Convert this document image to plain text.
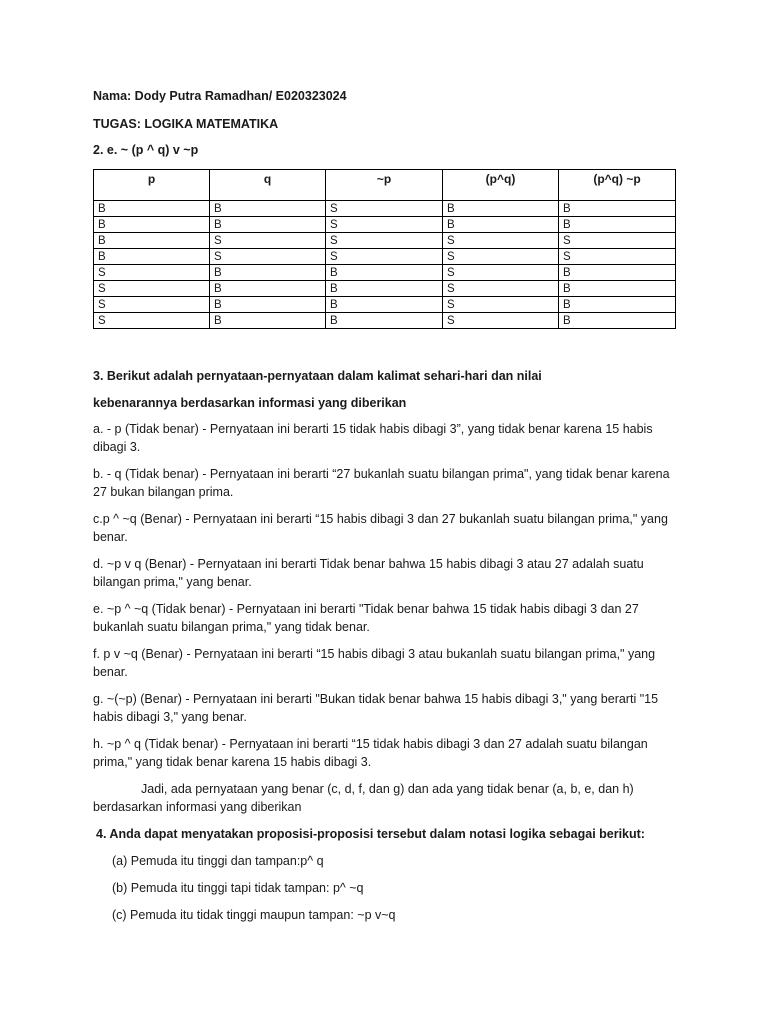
Nama: Dody Putra Ramadhan/ E020323024
TUGAS: LOGIKA MATEMATIKA
2. e. ~ (p ^ q) v ~p
p	q	~p	(p^q)	(p^q) ~p
B	B	S	B	B
B	B	S	B	B
B	S	S	S	S
B	S	S	S	S
S	B	B	S	B
S	B	B	S	B
S	B	B	S	B
S	B	B	S	B
3. Berikut adalah pernyataan-pernyataan dalam kalimat sehari-hari dan nilai
kebenarannya berdasarkan informasi yang diberikan
a. - p (Tidak benar) - Pernyataan ini berarti 15 tidak habis dibagi 3”, yang tidak benar karena 15 habis dibagi 3.
b. - q (Tidak benar) - Pernyataan ini berarti “27 bukanlah suatu bilangan prima", yang tidak benar karena 27 bukan bilangan prima.
c.p ^ ~q (Benar) - Pernyataan ini berarti “15 habis dibagi 3 dan 27 bukanlah suatu bilangan prima," yang benar.
d. ~p v q (Benar) - Pernyataan ini berarti Tidak benar bahwa 15 habis dibagi 3 atau 27 adalah suatu bilangan prima," yang benar.
e. ~p ^ ~q (Tidak benar) - Pernyataan ini berarti "Tidak benar bahwa 15 tidak habis dibagi 3 dan 27 bukanlah suatu bilangan prima," yang tidak benar.
f. p v ~q (Benar) - Pernyataan ini berarti “15 habis dibagi 3 atau bukanlah suatu bilangan prima," yang benar.
g. ~(~p) (Benar) - Pernyataan ini berarti "Bukan tidak benar bahwa 15 habis dibagi 3," yang berarti "15 habis dibagi 3," yang benar.
h. ~p ^ q (Tidak benar) - Pernyataan ini berarti “15 tidak habis dibagi 3 dan 27 adalah suatu bilangan prima," yang tidak benar karena 15 habis dibagi 3.
Jadi, ada pernyataan yang benar (c, d, f, dan g) dan ada yang tidak benar (a, b, e, dan h) berdasarkan informasi yang diberikan
4. Anda dapat menyatakan proposisi-proposisi tersebut dalam notasi logika sebagai berikut:
(a) Pemuda itu tinggi dan tampan:p^ q
(b) Pemuda itu tinggi tapi tidak tampan: p^ ~q
(c) Pemuda itu tidak tinggi maupun tampan: ~p v~q
